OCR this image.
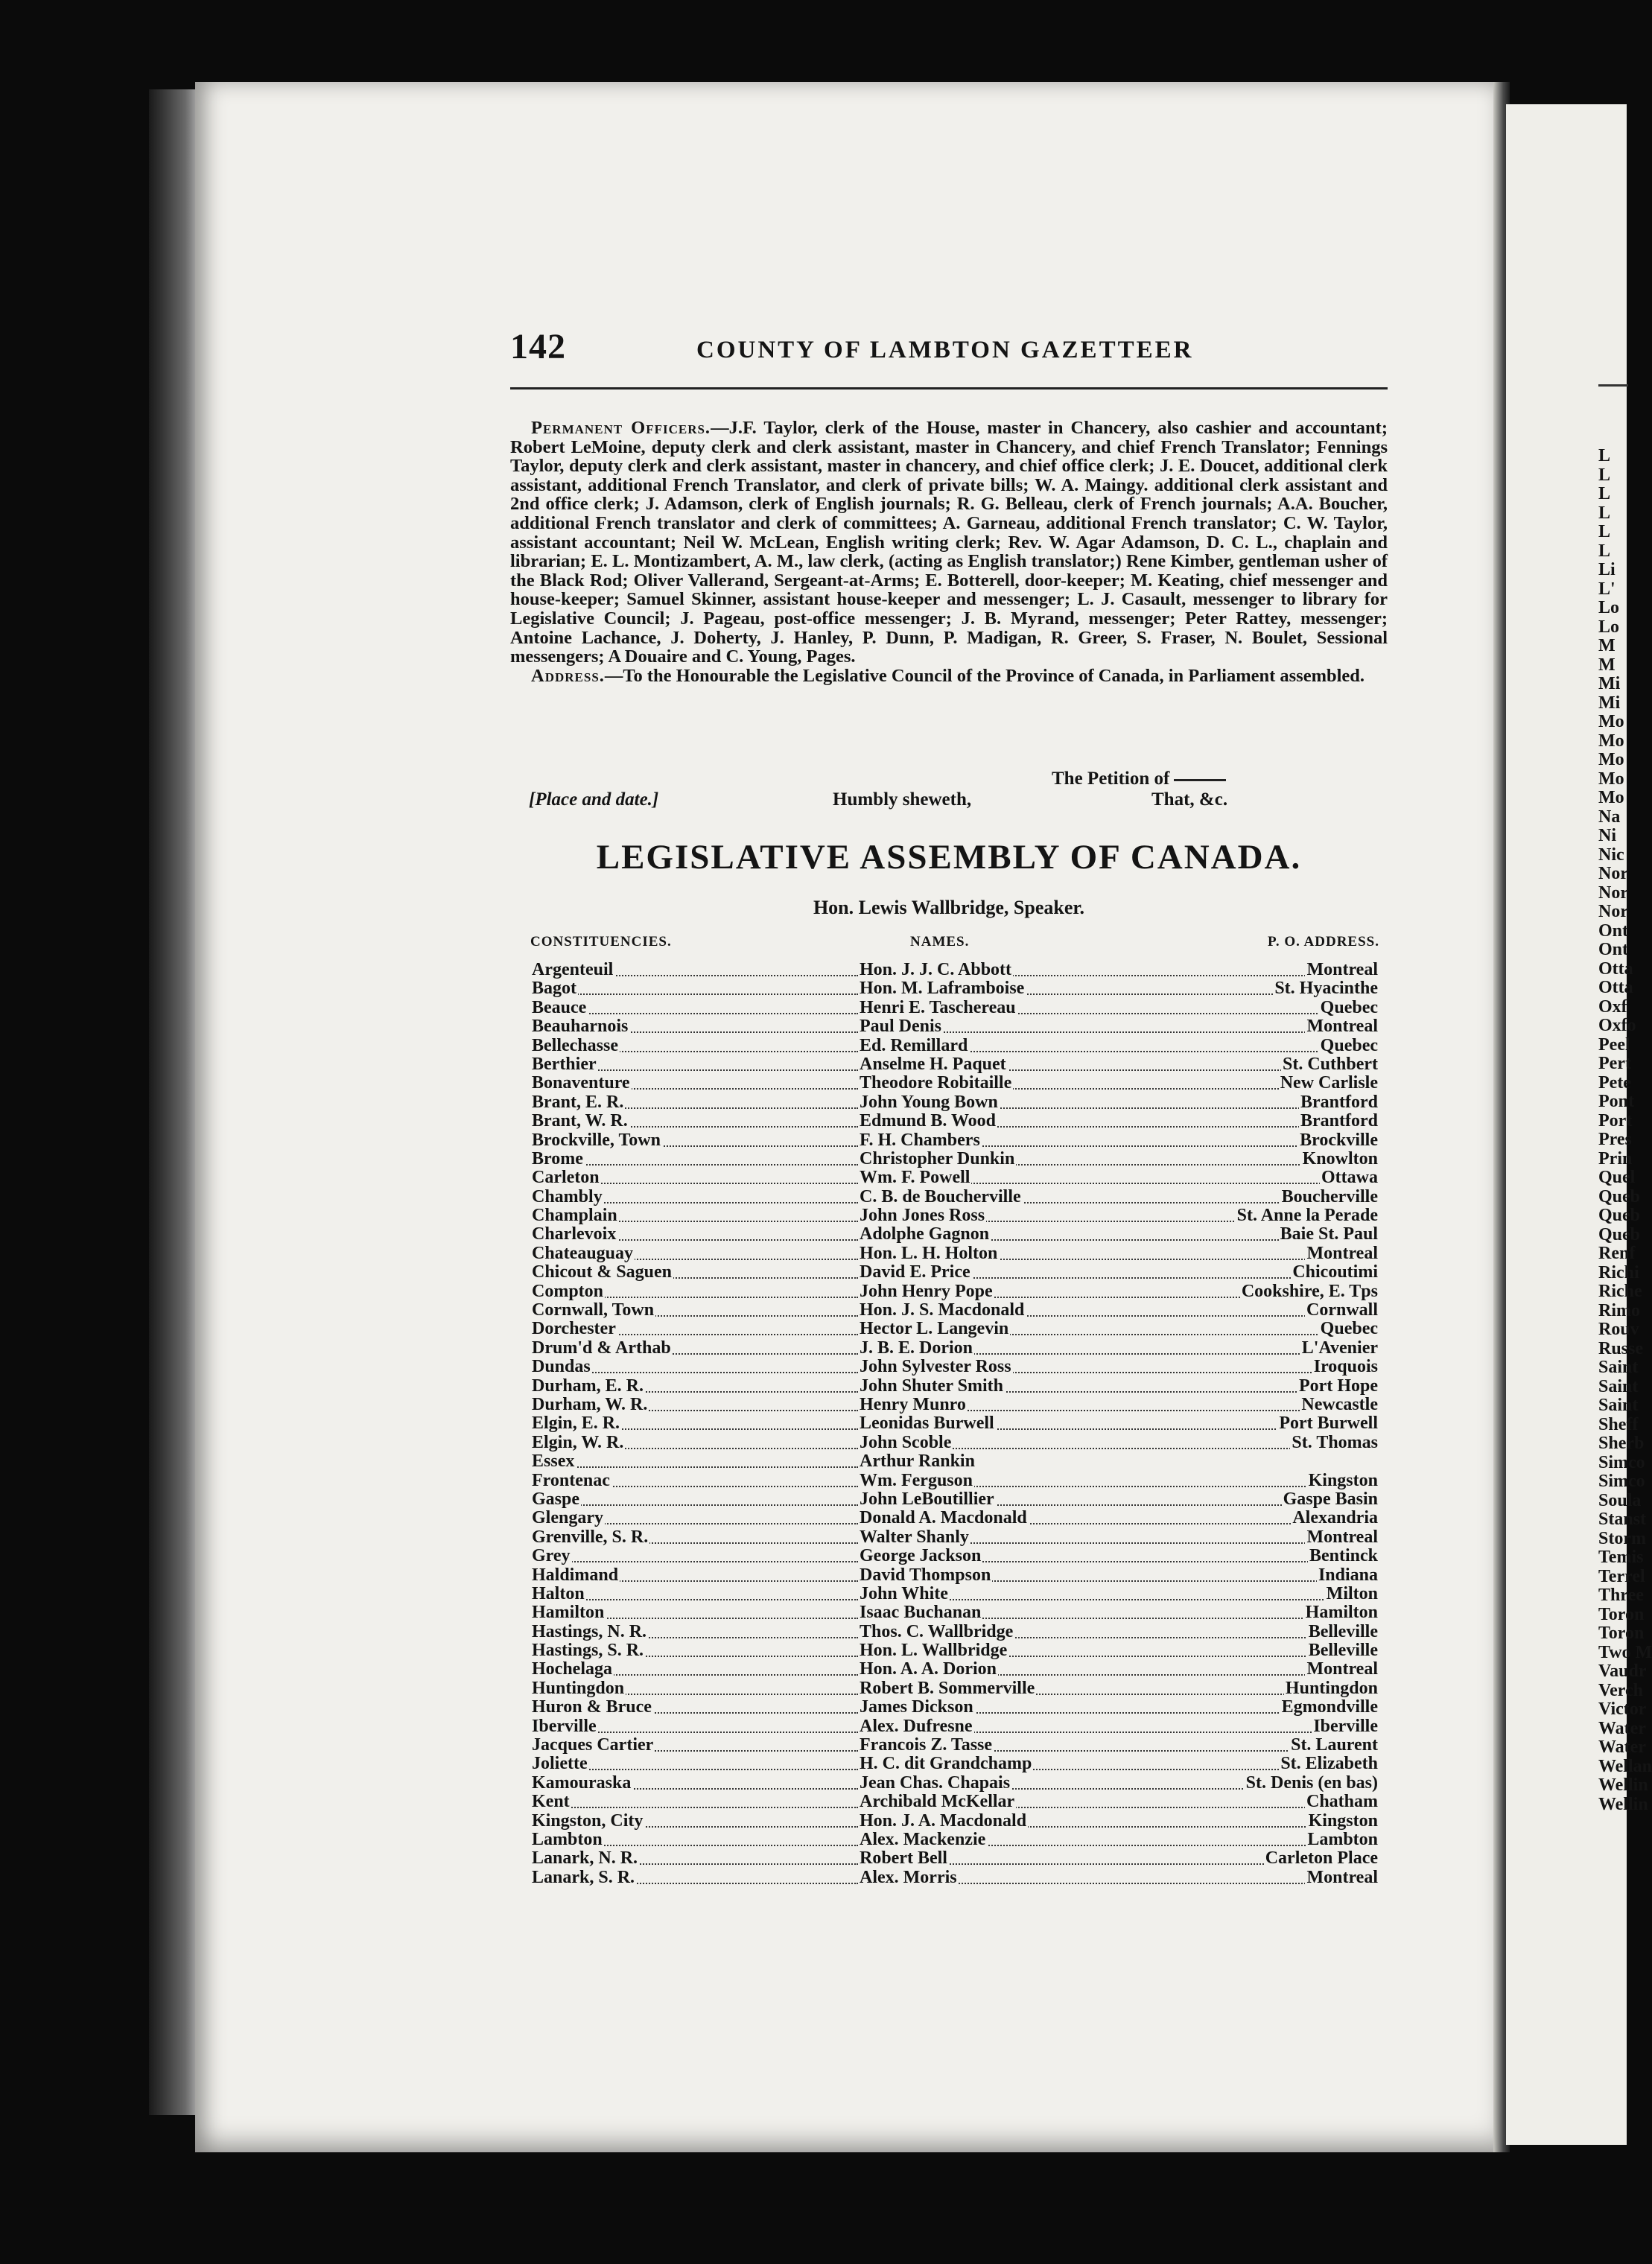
142	COUNTY OF LAMBTON GAZETTEER

Permanent Officers.—J.F. Taylor, clerk of the House, master in Chancery, also cashier and accountant; Robert LeMoine, deputy clerk and clerk assistant, master in Chancery, and chief French Translator; Fennings Taylor, deputy clerk and clerk assistant, master in chancery, and chief office clerk; J. E. Doucet, additional clerk assistant, additional French Translator, and clerk of private bills; W. A. Maingy. additional clerk assistant and 2nd office clerk; J. Adamson, clerk of English journals; R. G. Belleau, clerk of French journals; A.A. Boucher, additional French translator and clerk of committees; A. Garneau, additional French translator; C. W. Taylor, assistant accountant; Neil W. McLean, English writing clerk; Rev. W. Agar Adamson, D. C. L., chaplain and librarian; E. L. Montizambert, A. M., law clerk, (acting as English translator;) Rene Kimber, gentleman usher of the Black Rod; Oliver Vallerand, Sergeant-at-Arms; E. Botterell, door-keeper; M. Keating, chief messenger and house-keeper; Samuel Skinner, assistant house-keeper and messenger; L. J. Casault, messenger to library for Legislative Council; J. Pageau, post-office messenger; J. B. Myrand, messenger; Peter Rattey, messenger; Antoine Lachance, J. Doherty, J. Hanley, P. Dunn, P. Madigan, R. Greer, S. Fraser, N. Boulet, Sessional messengers; A Douaire and C. Young, Pages.

Address.—To the Honourable the Legislative Council of the Province of Canada, in Parliament assembled.

The Petition of
[Place and date.]	Humbly sheweth,	That, &c.
LEGISLATIVE ASSEMBLY OF CANADA.
Hon. Lewis Wallbridge, Speaker.
CONSTITUENCIES.	NAMES.	P. O. ADDRESS.
Argenteuil	Hon. J. J. C. Abbott	Montreal
Bagot	Hon. M. Laframboise	St. Hyacinthe
Beauce	Henri E. Taschereau	Quebec
Beauharnois	Paul Denis	Montreal
Bellechasse	Ed. Remillard	Quebec
Berthier	Anselme H. Paquet	St. Cuthbert
Bonaventure	Theodore Robitaille	New Carlisle
Brant, E. R.	John Young Bown	Brantford
Brant, W. R.	Edmund B. Wood	Brantford
Brockville, Town	F. H. Chambers	Brockville
Brome	Christopher Dunkin	Knowlton
Carleton	Wm. F. Powell	Ottawa
Chambly	C. B. de Boucherville	Boucherville
Champlain	John Jones Ross	St. Anne la Perade
Charlevoix	Adolphe Gagnon	Baie St. Paul
Chateauguay	Hon. L. H. Holton	Montreal
Chicout & Saguen	David E. Price	Chicoutimi
Compton	John Henry Pope	Cookshire, E. Tps
Cornwall, Town	Hon. J. S. Macdonald	Cornwall
Dorchester	Hector L. Langevin	Quebec
Drum'd & Arthab	J. B. E. Dorion	L'Avenier
Dundas	John Sylvester Ross	Iroquois
Durham, E. R.	John Shuter Smith	Port Hope
Durham, W. R.	Henry Munro	Newcastle
Elgin, E. R.	Leonidas Burwell	Port Burwell
Elgin, W. R.	John Scoble	St. Thomas
Essex	Arthur Rankin
Frontenac	Wm. Ferguson	Kingston
Gaspe	John LeBoutillier	Gaspe Basin
Glengary	Donald A. Macdonald	Alexandria
Grenville, S. R.	Walter Shanly	Montreal
Grey	George Jackson	Bentinck
Haldimand	David Thompson	Indiana
Halton	John White	Milton
Hamilton	Isaac Buchanan	Hamilton
Hastings, N. R.	Thos. C. Wallbridge	Belleville
Hastings, S. R.	Hon. L. Wallbridge	Belleville
Hochelaga	Hon. A. A. Dorion	Montreal
Huntingdon	Robert B. Sommerville	Huntingdon
Huron & Bruce	James Dickson	Egmondville
Iberville	Alex. Dufresne	Iberville
Jacques Cartier	Francois Z. Tasse	St. Laurent
Joliette	H. C. dit Grandchamp	St. Elizabeth
Kamouraska	Jean Chas. Chapais	St. Denis (en bas)
Kent	Archibald McKellar	Chatham
Kingston, City	Hon. J. A. Macdonald	Kingston
Lambton	Alex. Mackenzie	Lambton
Lanark, N. R.	Robert Bell	Carleton Place
Lanark, S. R.	Alex. Morris	Montreal
L
L
L
L
L
L
Li
L'
Lo
Lo
M
M
Mi
Mi
Mo
Mo
Mo
Mo
Mo
Na
Ni
Nic
Nor
Nor
Nor
Ont
Ont
Otta
Otta
Oxf
Oxfo
Peel
Pert
Pete
Pont
Port
Pres
Prin
Quel
Queb
Queb
Queb
Renf
Richi
Riche
Rimo
Rouv
Russe
Saint
Saint
Saint
Sheff
Sherb
Simco
Simco
Soula
Stanst
Storm
Temis
Terrel
Three
Toron
Toron
Two M
Vaudr
Verch
Victor
Water
Water
Wellan
Wellin
Wellin
